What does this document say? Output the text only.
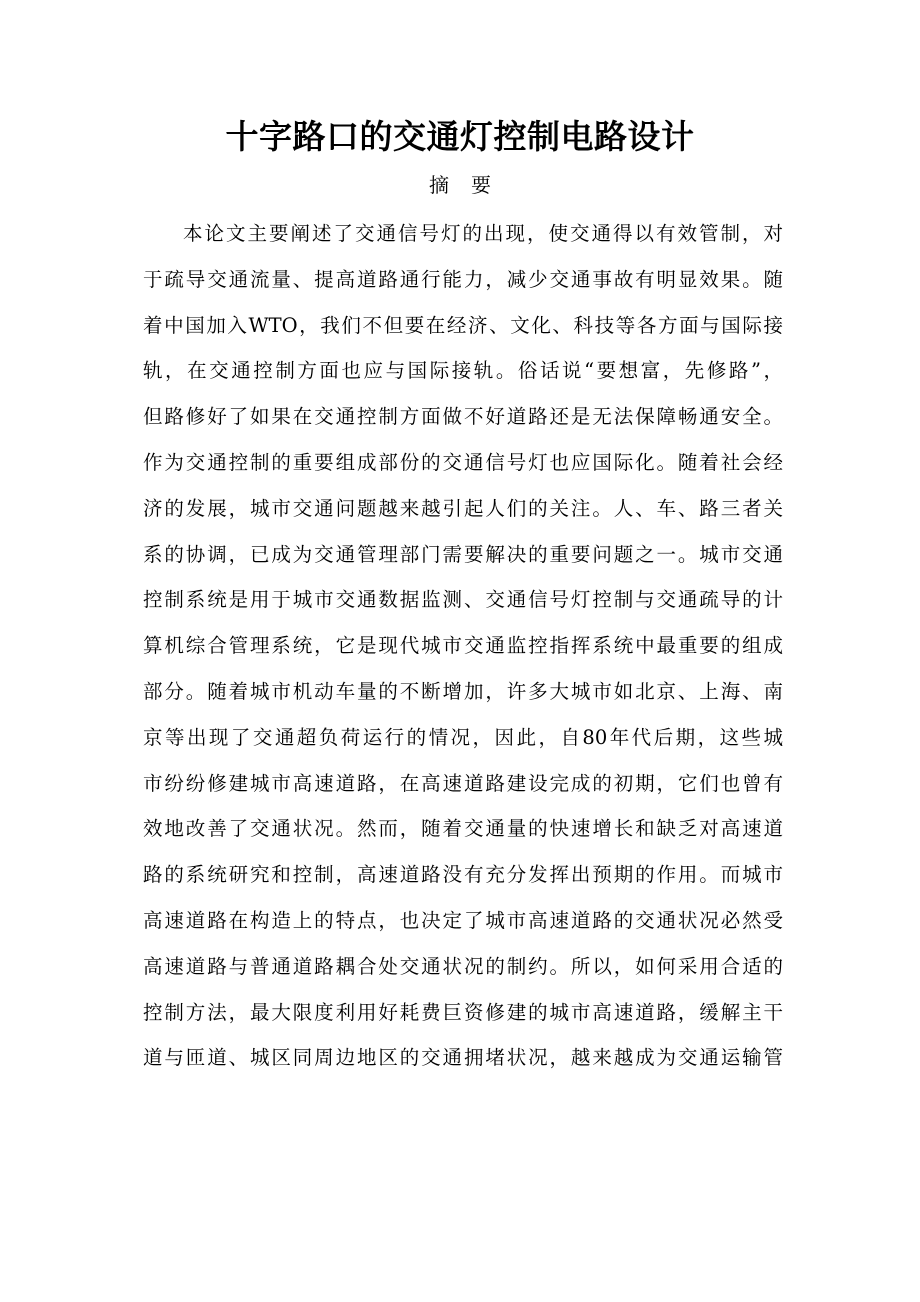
十字路口的交通灯控制电路设计
摘要
本论文主要阐述了交通信号灯的出现，使交通得以有效管制，对
于疏导交通流量、提高道路通行能力，减少交通事故有明显效果。随
着中国加入WTO，我们不但要在经济、文化、科技等各方面与国际接
轨，在交通控制方面也应与国际接轨。俗话说“要想富，先修路”，
但路修好了如果在交通控制方面做不好道路还是无法保障畅通安全。
作为交通控制的重要组成部份的交通信号灯也应国际化。随着社会经
济的发展，城市交通问题越来越引起人们的关注。人、车、路三者关
系的协调，已成为交通管理部门需要解决的重要问题之一。城市交通
控制系统是用于城市交通数据监测、交通信号灯控制与交通疏导的计
算机综合管理系统，它是现代城市交通监控指挥系统中最重要的组成
部分。随着城市机动车量的不断增加，许多大城市如北京、上海、南
京等出现了交通超负荷运行的情况，因此，自80年代后期，这些城
市纷纷修建城市高速道路，在高速道路建设完成的初期，它们也曾有
效地改善了交通状况。然而，随着交通量的快速增长和缺乏对高速道
路的系统研究和控制，高速道路没有充分发挥出预期的作用。而城市
高速道路在构造上的特点，也决定了城市高速道路的交通状况必然受
高速道路与普通道路耦合处交通状况的制约。所以，如何采用合适的
控制方法，最大限度利用好耗费巨资修建的城市高速道路，缓解主干
道与匝道、城区同周边地区的交通拥堵状况，越来越成为交通运输管
